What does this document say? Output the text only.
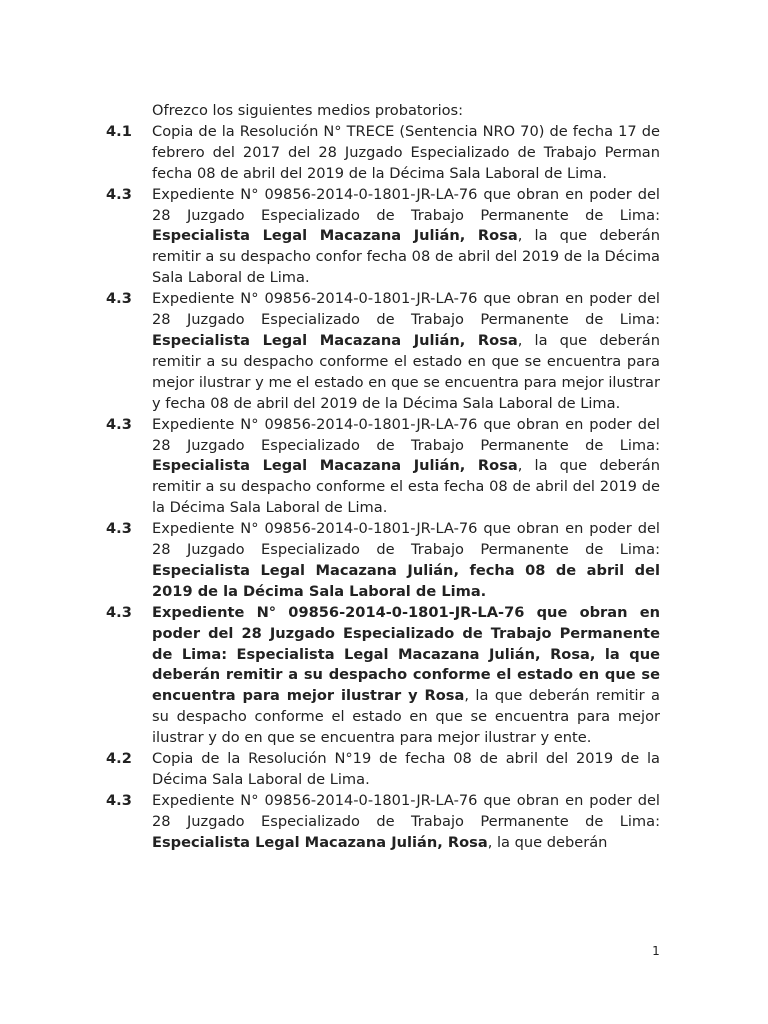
Ofrezco los siguientes medios probatorios:
4.1 Copia de la Resolución N° TRECE (Sentencia NRO 70) de fecha 17 de febrero del 2017 del 28 Juzgado Especializado de Trabajo Perman fecha 08 de abril del 2019 de la Décima Sala Laboral de Lima.
4.3 Expediente N° 09856-2014-0-1801-JR-LA-76 que obran en poder del 28 Juzgado Especializado de Trabajo Permanente de Lima: Especialista Legal Macazana Julián, Rosa, la que deberán remitir a su despacho confor fecha 08 de abril del 2019 de la Décima Sala Laboral de Lima.
4.3 Expediente N° 09856-2014-0-1801-JR-LA-76 que obran en poder del 28 Juzgado Especializado de Trabajo Permanente de Lima: Especialista Legal Macazana Julián, Rosa, la que deberán remitir a su despacho conforme el estado en que se encuentra para mejor ilustrar y me el estado en que se encuentra para mejor ilustrar y fecha 08 de abril del 2019 de la Décima Sala Laboral de Lima.
4.3 Expediente N° 09856-2014-0-1801-JR-LA-76 que obran en poder del 28 Juzgado Especializado de Trabajo Permanente de Lima: Especialista Legal Macazana Julián, Rosa, la que deberán remitir a su despacho conforme el esta fecha 08 de abril del 2019 de la Décima Sala Laboral de Lima.
4.3 Expediente N° 09856-2014-0-1801-JR-LA-76 que obran en poder del 28 Juzgado Especializado de Trabajo Permanente de Lima: Especialista Legal Macazana Julián, fecha 08 de abril del 2019 de la Décima Sala Laboral de Lima.
4.3 Expediente N° 09856-2014-0-1801-JR-LA-76 que obran en poder del 28 Juzgado Especializado de Trabajo Permanente de Lima: Especialista Legal Macazana Julián, Rosa, la que deberán remitir a su despacho conforme el estado en que se encuentra para mejor ilustrar y Rosa, la que deberán remitir a su despacho conforme el estado en que se encuentra para mejor ilustrar y do en que se encuentra para mejor ilustrar y ente.
4.2 Copia de la Resolución N°19 de fecha 08 de abril del 2019 de la Décima Sala Laboral de Lima.
4.3 Expediente N° 09856-2014-0-1801-JR-LA-76 que obran en poder del 28 Juzgado Especializado de Trabajo Permanente de Lima: Especialista Legal Macazana Julián, Rosa, la que deberán
1
